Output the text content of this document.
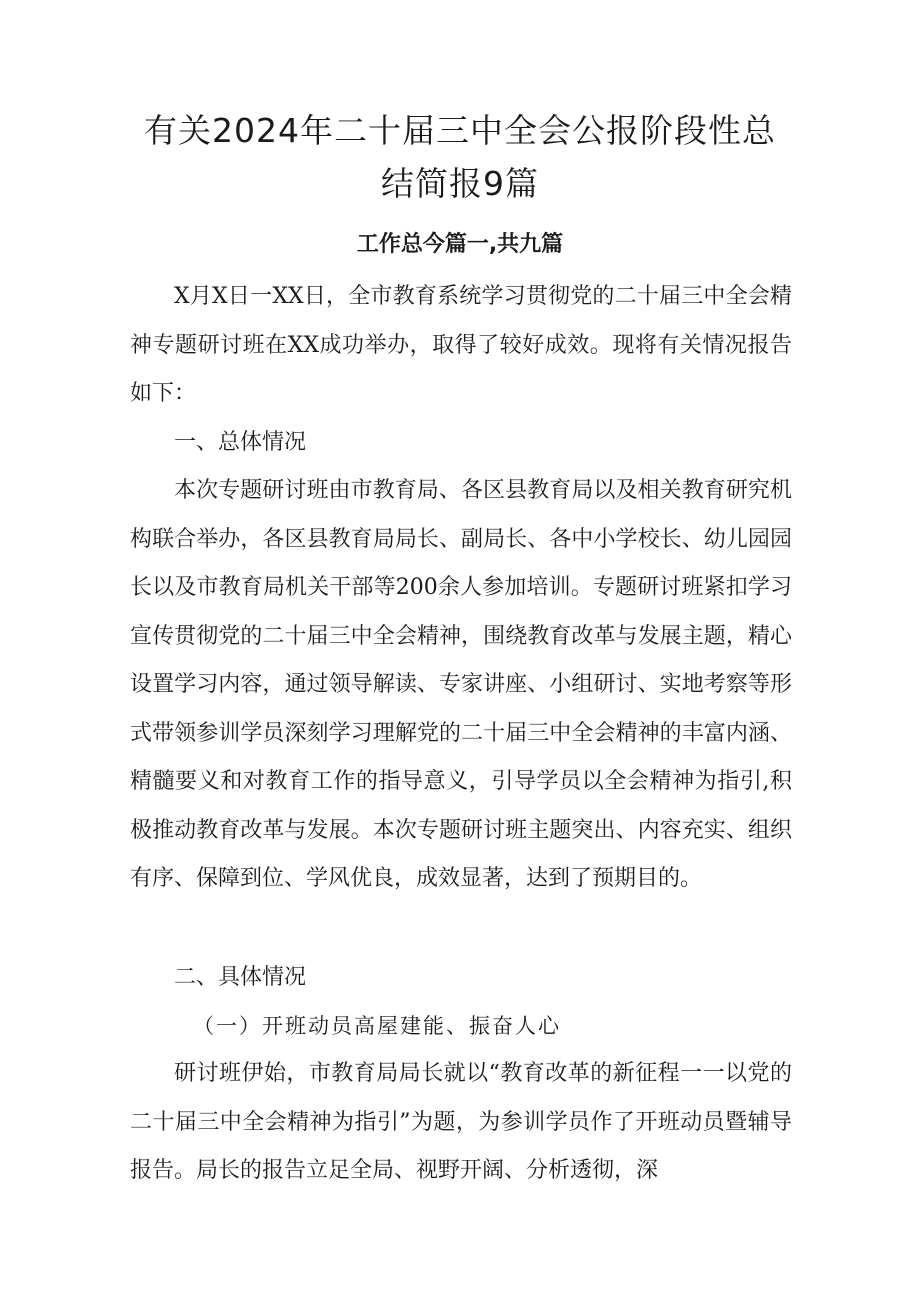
有关2024年二十届三中全会公报阶段性总
结简报9篇
工作总今篇一,共九篇

X月X日一XX日，全市教育系统学习贯彻党的二十届三中全会精神专题研讨班在XX成功举办，取得了较好成效。现将有关情况报告如下：

一、总体情况

本次专题研讨班由市教育局、各区县教育局以及相关教育研究机构联合举办，各区县教育局局长、副局长、各中小学校长、幼儿园园长以及市教育局机关干部等200余人参加培训。专题研讨班紧扣学习宣传贯彻党的二十届三中全会精神，围绕教育改革与发展主题，精心设置学习内容，通过领导解读、专家讲座、小组研讨、实地考察等形式带领参训学员深刻学习理解党的二十届三中全会精神的丰富内涵、精髓要义和对教育工作的指导意义，引导学员以全会精神为指引,积极推动教育改革与发展。本次专题研讨班主题突出、内容充实、组织有序、保障到位、学风优良，成效显著，达到了预期目的。

二、具体情况

（一）开班动员高屋建能、振奋人心

研讨班伊始，市教育局局长就以“教育改革的新征程一一以党的二十届三中全会精神为指引”为题，为参训学员作了开班动员暨辅导报告。局长的报告立足全局、视野开阔、分析透彻，深
